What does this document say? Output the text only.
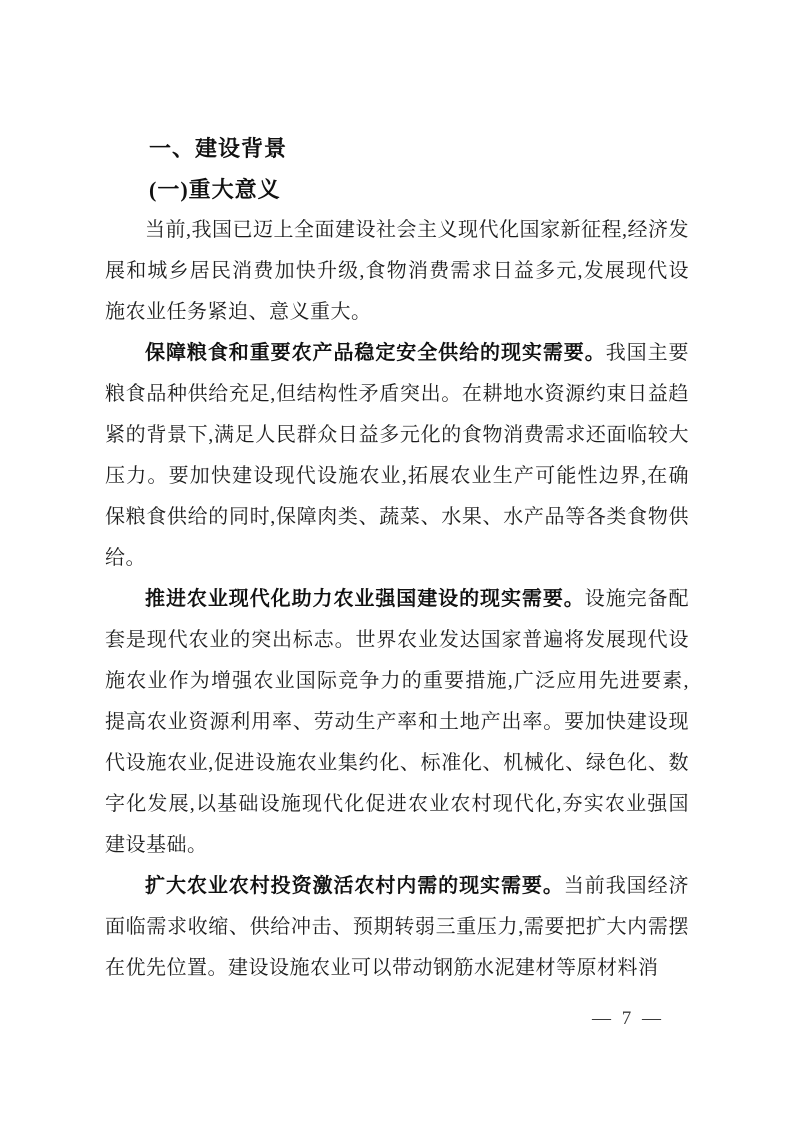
一、建设背景
(一)重大意义

当前,我国已迈上全面建设社会主义现代化国家新征程,经济发展和城乡居民消费加快升级,食物消费需求日益多元,发展现代设施农业任务紧迫、意义重大。

保障粮食和重要农产品稳定安全供给的现实需要。我国主要粮食品种供给充足,但结构性矛盾突出。在耕地水资源约束日益趋紧的背景下,满足人民群众日益多元化的食物消费需求还面临较大压力。要加快建设现代设施农业,拓展农业生产可能性边界,在确保粮食供给的同时,保障肉类、蔬菜、水果、水产品等各类食物供给。

推进农业现代化助力农业强国建设的现实需要。设施完备配套是现代农业的突出标志。世界农业发达国家普遍将发展现代设施农业作为增强农业国际竞争力的重要措施,广泛应用先进要素,提高农业资源利用率、劳动生产率和土地产出率。要加快建设现代设施农业,促进设施农业集约化、标准化、机械化、绿色化、数字化发展,以基础设施现代化促进农业农村现代化,夯实农业强国建设基础。

扩大农业农村投资激活农村内需的现实需要。当前我国经济面临需求收缩、供给冲击、预期转弱三重压力,需要把扩大内需摆在优先位置。建设设施农业可以带动钢筋水泥建材等原材料消

— 7 —
